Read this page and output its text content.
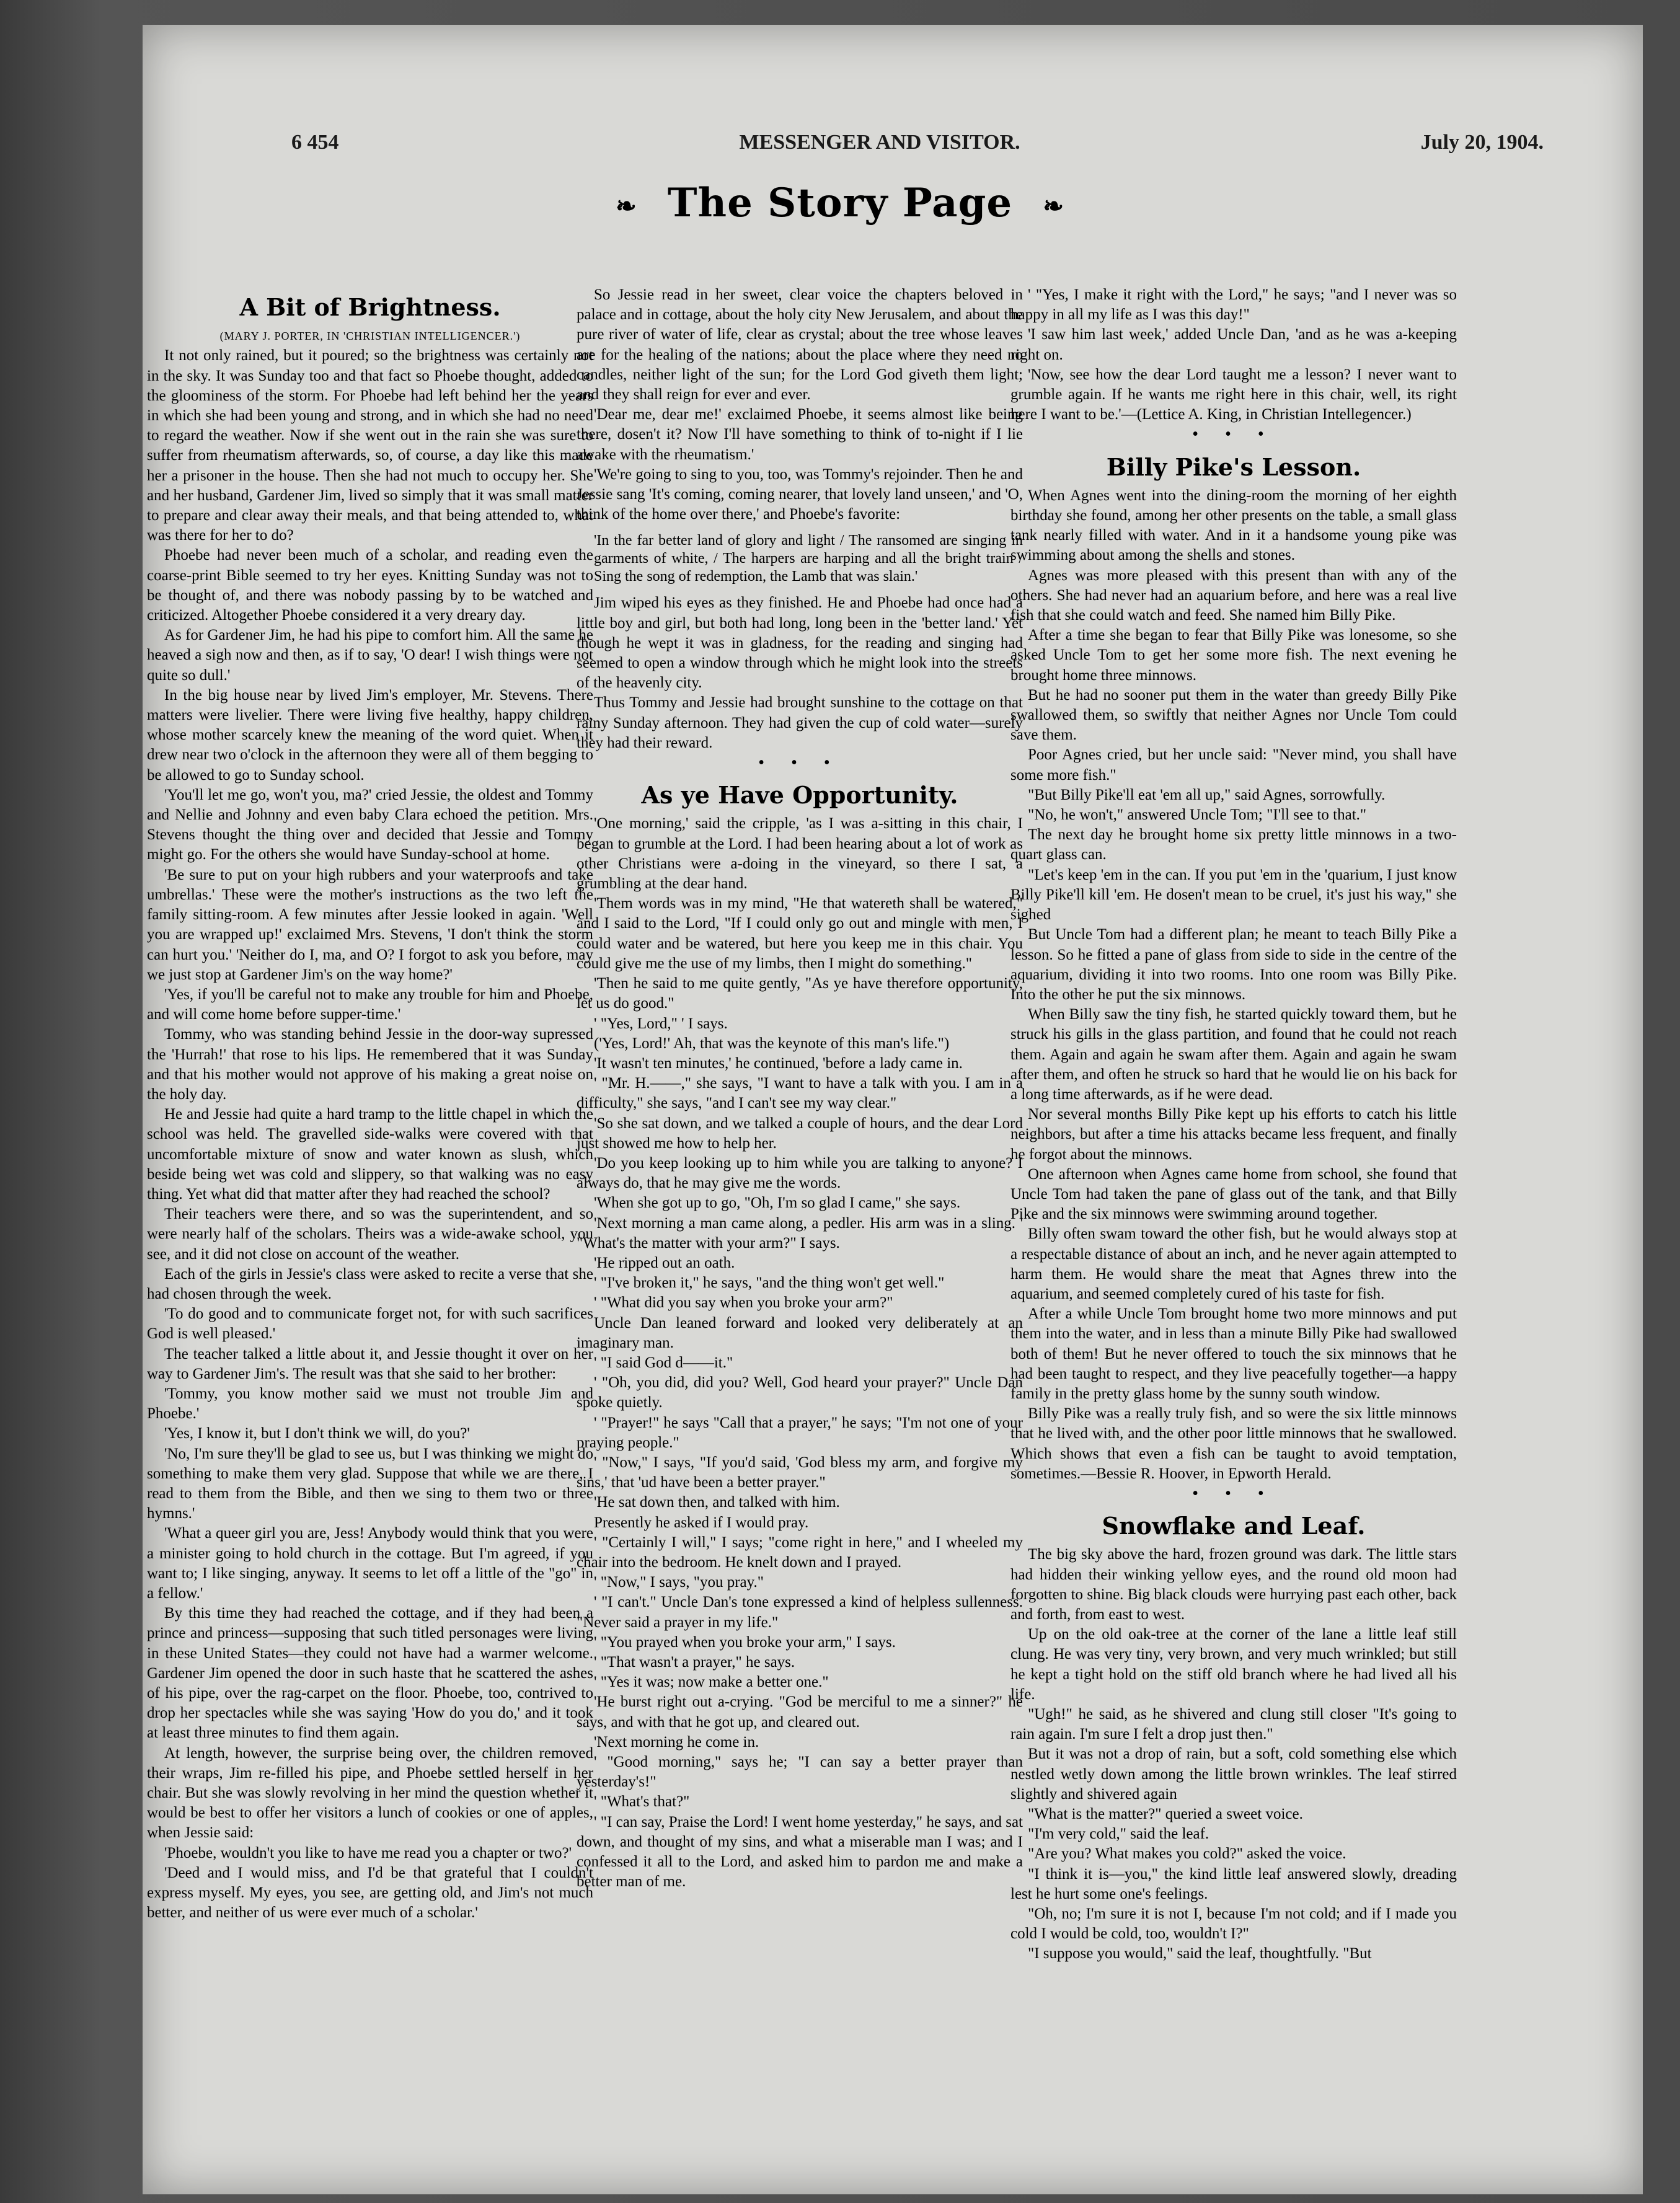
6 454	MESSENGER AND VISITOR.	July 20, 1904.
❧ The Story Page ❧
A Bit of Brightness.

(MARY J. PORTER, IN 'CHRISTIAN INTELLIGENCER.')

It not only rained, but it poured; so the brightness was certainly not in the sky. It was Sunday too and that fact so Phoebe thought, added to the gloominess of the storm. For Phoebe had left behind her the years in which she had been young and strong, and in which she had no need to regard the weather. Now if she went out in the rain she was sure to suffer from rheumatism afterwards, so, of course, a day like this made her a prisoner in the house. Then she had not much to occupy her. She and her husband, Gardener Jim, lived so simply that it was small matter to prepare and clear away their meals, and that being attended to, what was there for her to do?

Phoebe had never been much of a scholar, and reading even the coarse-print Bible seemed to try her eyes. Knitting Sunday was not to be thought of, and there was nobody passing by to be watched and criticized. Altogether Phoebe considered it a very dreary day.

As for Gardener Jim, he had his pipe to comfort him. All the same he heaved a sigh now and then, as if to say, 'O dear! I wish things were not quite so dull.'

In the big house near by lived Jim's employer, Mr. Stevens. There matters were livelier. There were living five healthy, happy children, whose mother scarcely knew the meaning of the word quiet. When it drew near two o'clock in the afternoon they were all of them begging to be allowed to go to Sunday school.

'You'll let me go, won't you, ma?' cried Jessie, the oldest and Tommy and Nellie and Johnny and even baby Clara echoed the petition. Mrs. Stevens thought the thing over and decided that Jessie and Tommy might go. For the others she would have Sunday-school at home.

'Be sure to put on your high rubbers and your waterproofs and take umbrellas.' These were the mother's instructions as the two left the family sitting-room. A few minutes after Jessie looked in again. 'Well you are wrapped up!' exclaimed Mrs. Stevens, 'I don't think the storm can hurt you.' 'Neither do I, ma, and O? I forgot to ask you before, may we just stop at Gardener Jim's on the way home?'

'Yes, if you'll be careful not to make any trouble for him and Phoebe, and will come home before supper-time.'

Tommy, who was standing behind Jessie in the door-way supressed the 'Hurrah!' that rose to his lips. He remembered that it was Sunday and that his mother would not approve of his making a great noise on the holy day.

He and Jessie had quite a hard tramp to the little chapel in which the school was held. The gravelled side-walks were covered with that uncomfortable mixture of snow and water known as slush, which beside being wet was cold and slippery, so that walking was no easy thing. Yet what did that matter after they had reached the school?

Their teachers were there, and so was the superintendent, and so were nearly half of the scholars. Theirs was a wide-awake school, you see, and it did not close on account of the weather.

Each of the girls in Jessie's class were asked to recite a verse that she had chosen through the week.

'To do good and to communicate forget not, for with such sacrifices God is well pleased.'

The teacher talked a little about it, and Jessie thought it over on her way to Gardener Jim's. The result was that she said to her brother:

'Tommy, you know mother said we must not trouble Jim and Phoebe.'

'Yes, I know it, but I don't think we will, do you?'

'No, I'm sure they'll be glad to see us, but I was thinking we might do something to make them very glad. Suppose that while we are there, I read to them from the Bible, and then we sing to them two or three hymns.'

'What a queer girl you are, Jess! Anybody would think that you were a minister going to hold church in the cottage. But I'm agreed, if you want to; I like singing, anyway. It seems to let off a little of the "go" in a fellow.'

By this time they had reached the cottage, and if they had been a prince and princess—supposing that such titled personages were living in these United States—they could not have had a warmer welcome. Gardener Jim opened the door in such haste that he scattered the ashes of his pipe, over the rag-carpet on the floor. Phoebe, too, contrived to drop her spectacles while she was saying 'How do you do,' and it took at least three minutes to find them again.

At length, however, the surprise being over, the children removed their wraps, Jim re-filled his pipe, and Phoebe settled herself in her chair. But she was slowly revolving in her mind the question whether it would be best to offer her visitors a lunch of cookies or one of apples, when Jessie said:

'Phoebe, wouldn't you like to have me read you a chapter or two?'

'Deed and I would miss, and I'd be that grateful that I couldn't express myself. My eyes, you see, are getting old, and Jim's not much better, and neither of us were ever much of a scholar.'

So Jessie read in her sweet, clear voice the chapters beloved in palace and in cottage, about the holy city New Jerusalem, and about the pure river of water of life, clear as crystal; about the tree whose leaves are for the healing of the nations; about the place where they need no candles, neither light of the sun; for the Lord God giveth them light; and they shall reign for ever and ever.

'Dear me, dear me!' exclaimed Phoebe, it seems almost like being there, dosen't it? Now I'll have something to think of to-night if I lie awake with the rheumatism.'

'We're going to sing to you, too, was Tommy's rejoinder. Then he and Jessie sang 'It's coming, coming nearer, that lovely land unseen,' and 'O, think of the home over there,' and Phoebe's favorite:

'In the far better land of glory and light / The ransomed are singing in garments of white, / The harpers are harping and all the bright train / Sing the song of redemption, the Lamb that was slain.'

Jim wiped his eyes as they finished. He and Phoebe had once had a little boy and girl, but both had long, long been in the 'better land.' Yet though he wept it was in gladness, for the reading and singing had seemed to open a window through which he might look into the streets of the heavenly city.

Thus Tommy and Jessie had brought sunshine to the cottage on that rainy Sunday afternoon. They had given the cup of cold water—surely they had their reward.

• • •

As ye Have Opportunity.

'One morning,' said the cripple, 'as I was a-sitting in this chair, I began to grumble at the Lord. I had been hearing about a lot of work as other Christians were a-doing in the vineyard, so there I sat, a grumbling at the dear hand.

'Them words was in my mind, "He that watereth shall be watered," and I said to the Lord, "If I could only go out and mingle with men, I could water and be watered, but here you keep me in this chair. You could give me the use of my limbs, then I might do something."

'Then he said to me quite gently, "As ye have therefore opportunity, let us do good."

' "Yes, Lord," ' I says.

('Yes, Lord!' Ah, that was the keynote of this man's life.")

'It wasn't ten minutes,' he continued, 'before a lady came in.

' "Mr. H.——," she says, "I want to have a talk with you. I am in a difficulty," she says, "and I can't see my way clear."

'So she sat down, and we talked a couple of hours, and the dear Lord just showed me how to help her.

'Do you keep looking up to him while you are talking to anyone? I always do, that he may give me the words.

'When she got up to go, "Oh, I'm so glad I came," she says.

'Next morning a man came along, a pedler. His arm was in a sling. ' "What's the matter with your arm?" I says.

'He ripped out an oath.

' "I've broken it," he says, "and the thing won't get well."

' "What did you say when you broke your arm?"

Uncle Dan leaned forward and looked very deliberately at an imaginary man.

' "I said God d——it."

' "Oh, you did, did you? Well, God heard your prayer?" Uncle Dan spoke quietly.

' "Prayer!" he says "Call that a prayer," he says; "I'm not one of your praying people."

' "Now," I says, "If you'd said, 'God bless my arm, and forgive my sins,' that 'ud have been a better prayer."

'He sat down then, and talked with him.

Presently he asked if I would pray.

' "Certainly I will," I says; "come right in here," and I wheeled my chair into the bedroom. He knelt down and I prayed.

' "Now," I says, "you pray."

' "I can't." Uncle Dan's tone expressed a kind of helpless sullenness. "Never said a prayer in my life."

' "You prayed when you broke your arm," I says.

' "That wasn't a prayer," he says.

' "Yes it was; now make a better one."

'He burst right out a-crying. "God be merciful to me a sinner?" he says, and with that he got up, and cleared out.

'Next morning he come in.

' "Good morning," says he; "I can say a better prayer than yesterday's!"

' "What's that?"

' "I can say, Praise the Lord! I went home yesterday," he says, and sat down, and thought of my sins, and what a miserable man I was; and I confessed it all to the Lord, and asked him to pardon me and make a better man of me.

' "Yes, I make it right with the Lord," he says; "and I never was so happy in all my life as I was this day!"

'I saw him last week,' added Uncle Dan, 'and as he was a-keeping right on.

'Now, see how the dear Lord taught me a lesson? I never want to grumble again. If he wants me right here in this chair, well, its right here I want to be.'—(Lettice A. King, in Christian Intellegencer.)

• • •

Billy Pike's Lesson.

When Agnes went into the dining-room the morning of her eighth birthday she found, among her other presents on the table, a small glass tank nearly filled with water. And in it a handsome young pike was swimming about among the shells and stones.

Agnes was more pleased with this present than with any of the others. She had never had an aquarium before, and here was a real live fish that she could watch and feed. She named him Billy Pike.

After a time she began to fear that Billy Pike was lonesome, so she asked Uncle Tom to get her some more fish. The next evening he brought home three minnows.

But he had no sooner put them in the water than greedy Billy Pike swallowed them, so swiftly that neither Agnes nor Uncle Tom could save them.

Poor Agnes cried, but her uncle said: "Never mind, you shall have some more fish."

"But Billy Pike'll eat 'em all up," said Agnes, sorrowfully.

"No, he won't," answered Uncle Tom; "I'll see to that."

The next day he brought home six pretty little minnows in a two-quart glass can.

"Let's keep 'em in the can. If you put 'em in the 'quarium, I just know Billy Pike'll kill 'em. He dosen't mean to be cruel, it's just his way," she sighed

But Uncle Tom had a different plan; he meant to teach Billy Pike a lesson. So he fitted a pane of glass from side to side in the centre of the aquarium, dividing it into two rooms. Into one room was Billy Pike. Into the other he put the six minnows.

When Billy saw the tiny fish, he started quickly toward them, but he struck his gills in the glass partition, and found that he could not reach them. Again and again he swam after them. Again and again he swam after them, and often he struck so hard that he would lie on his back for a long time afterwards, as if he were dead.

Nor several months Billy Pike kept up his efforts to catch his little neighbors, but after a time his attacks became less frequent, and finally he forgot about the minnows.

One afternoon when Agnes came home from school, she found that Uncle Tom had taken the pane of glass out of the tank, and that Billy Pike and the six minnows were swimming around together.

Billy often swam toward the other fish, but he would always stop at a respectable distance of about an inch, and he never again attempted to harm them. He would share the meat that Agnes threw into the aquarium, and seemed completely cured of his taste for fish.

After a while Uncle Tom brought home two more minnows and put them into the water, and in less than a minute Billy Pike had swallowed both of them! But he never offered to touch the six minnows that he had been taught to respect, and they live peacefully together—a happy family in the pretty glass home by the sunny south window.

Billy Pike was a really truly fish, and so were the six little minnows that he lived with, and the other poor little minnows that he swallowed. Which shows that even a fish can be taught to avoid temptation, sometimes.—Bessie R. Hoover, in Epworth Herald.

• • •

Snowflake and Leaf.

The big sky above the hard, frozen ground was dark. The little stars had hidden their winking yellow eyes, and the round old moon had forgotten to shine. Big black clouds were hurrying past each other, back and forth, from east to west.

Up on the old oak-tree at the corner of the lane a little leaf still clung. He was very tiny, very brown, and very much wrinkled; but still he kept a tight hold on the stiff old branch where he had lived all his life.

"Ugh!" he said, as he shivered and clung still closer "It's going to rain again. I'm sure I felt a drop just then."

But it was not a drop of rain, but a soft, cold something else which nestled wetly down among the little brown wrinkles. The leaf stirred slightly and shivered again

"What is the matter?" queried a sweet voice.

"I'm very cold," said the leaf.

"Are you? What makes you cold?" asked the voice.

"I think it is—you," the kind little leaf answered slowly, dreading lest he hurt some one's feelings.

"Oh, no; I'm sure it is not I, because I'm not cold; and if I made you cold I would be cold, too, wouldn't I?"

"I suppose you would," said the leaf, thoughtfully. "But
